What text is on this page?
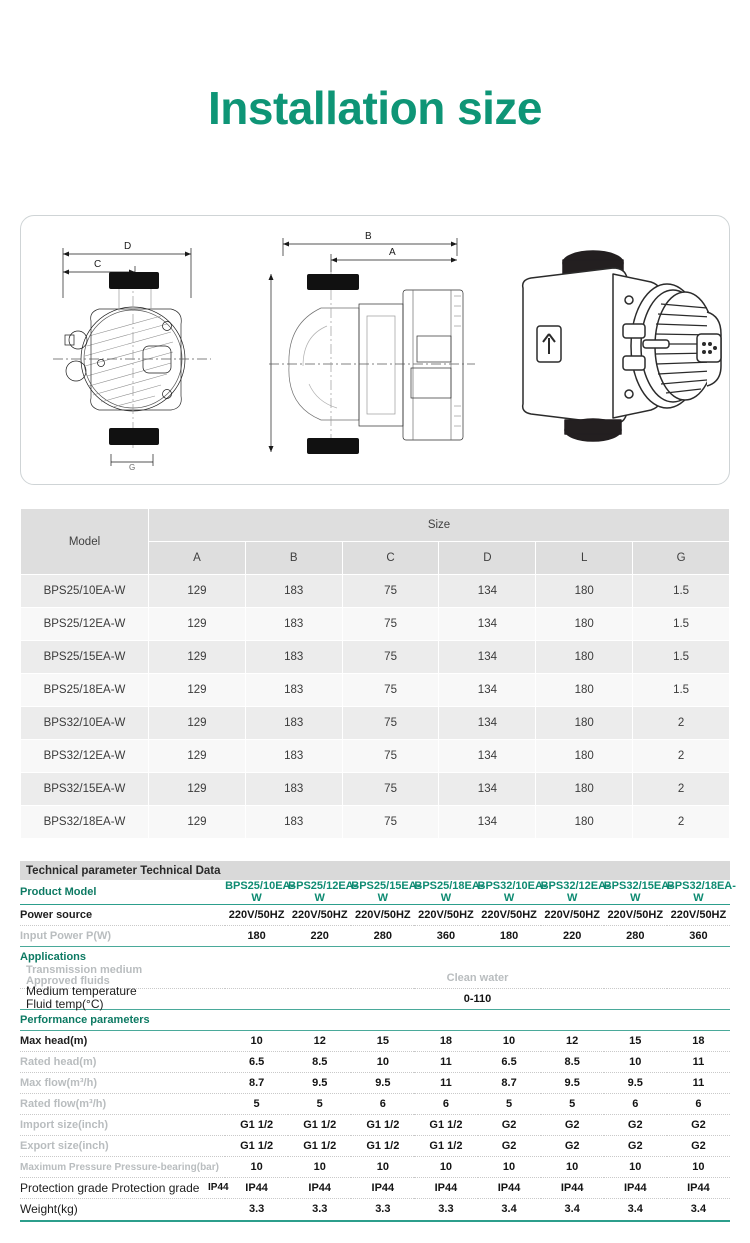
Installation size
D
C
G
B
A
Model	Size					
	A	B	C	D	L	G
BPS25/10EA-W	129	183	75	134	180	1.5
BPS25/12EA-W	129	183	75	134	180	1.5
BPS25/15EA-W	129	183	75	134	180	1.5
BPS25/18EA-W	129	183	75	134	180	1.5
BPS32/10EA-W	129	183	75	134	180	2
BPS32/12EA-W	129	183	75	134	180	2
BPS32/15EA-W	129	183	75	134	180	2
BPS32/18EA-W	129	183	75	134	180	2
Technical parameter Technical Data
Product Model	BPS25/10EA-W	BPS25/12EA-W	BPS25/15EA-W	BPS25/18EA-W	BPS32/10EA-W	BPS32/12EA-W	BPS32/15EA-W	BPS32/18EA-W
Power source	220V/50HZ	220V/50HZ	220V/50HZ	220V/50HZ	220V/50HZ	220V/50HZ	220V/50HZ	220V/50HZ
Input Power P(W)	180	220	280	360	180	220	280	360
Applications								

Transmission medium
Approved fluids	Clean water							

Medium temperature
Fluid temp(°C)	0-110							
Performance parameters								
Max head(m)	10	12	15	18	10	12	15	18
Rated head(m)	6.5	8.5	10	11	6.5	8.5	10	11
Max flow(m³/h)	8.7	9.5	9.5	11	8.7	9.5	9.5	11
Rated flow(m³/h)	5	5	6	6	5	5	6	6
Import size(inch)	G1 1/2	G1 1/2	G1 1/2	G1 1/2	G2	G2	G2	G2
Export size(inch)	G1 1/2	G1 1/2	G1 1/2	G1 1/2	G2	G2	G2	G2
Maximum Pressure Pressure-bearing(bar)	10	10	10	10	10	10	10	10
Protection grade Protection grade IP44	IP44	IP44	IP44	IP44	IP44	IP44	IP44	IP44
Weight(kg)	3.3	3.3	3.3	3.3	3.4	3.4	3.4	3.4
